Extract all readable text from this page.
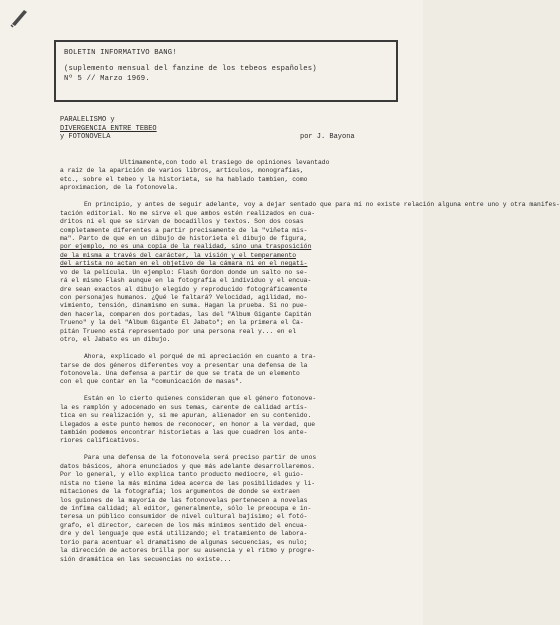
BOLETIN INFORMATIVO BANG!
(suplemento mensual del fanzine de los tebeos españoles)
Nº 5 // Marzo 1969.
PARALELISMO y
DIVERGENCIA ENTRE TEBEO
y FOTONOVELA	por J. Bayona
Ultimamente,con todo el trasiego de opiniones levantado
a raíz de la aparición de varios libros, artículos, monografías,
etc., sobre el tebeo y la historieta, se ha hablado tambien, como
aproximacion, de la fotonovela.
En principio, y antes de seguir adelante, voy a dejar sentado que para mí no existe relación alguna entre uno y otra manifes-
tación editorial. No me sirve el que ambos estén realizados en cua-
dritos ni el que se sirvan de bocadillos y textos. Son dos cosas
completamente diferentes a partir precisamente de la "viñeta mis-
ma". Parto de que en un dibujo de historieta el dibujo de figura,
por ejemplo, no es una copia de la realidad, sino una trasposición
de la misma a través del carácter, la visión y el temperamento
del artista no actan en el objetivo de la cámara ni en el negati-
vo de la película. Un ejemplo: Flash Gordon donde un salto no se-
rá el mismo Flash aunque en la fotografía el individuo y el encua-
dre sean exactos al dibujo elegido y reproducido fotográficamente
con personajes humanos. ¿Qué le faltará? Velocidad, agilidad, mo-
vimiento, tensión, dinamismo en suma. Hagan la prueba. Si no pue-
den hacerla, comparen dos portadas, las del "Album Gigante Capitán
Trueno" y la del "Album Gigante El Jabato"; en la primera el Ca-
pitán Trueno está representado por una persona real y... en el
otro, el Jabato es un dibujo.
Ahora, explicado el porqué de mi apreciación en cuanto a tra-
tarse de dos géneros diferentes voy a presentar una defensa de la
fotonovela. Una defensa a partir de que se trata de un elemento
con el que contar en la "comunicación de masas".
Están en lo cierto quienes consideran que el género fotonove-
la es ramplón y adocenado en sus temas, carente de calidad artís-
tica en su realización y, si me apuran, alienador en su contenido.
Llegados a este punto hemos de reconocer, en honor a la verdad, que
también podemos encontrar historietas a las que cuadren los ante-
riores calificativos.
Para una defensa de la fotonovela será preciso partir de unos
datos básicos, ahora enunciados y que más adelante desarrollaremos.
Por lo general, y ello explica tanto producto mediocre, el guio-
nista no tiene la más mínima idea acerca de las posibilidades y li-
mitaciones de la fotografía; los argumentos de donde se extraen
los guiones de la mayoría de las fotonovelas pertenecen a novelas
de ínfima calidad; al editor, generalmente, sólo le preocupa e in-
teresa un público consumidor de nivel cultural bajísimo; el fotó-
grafo, el director, carecen de los más mínimos sentido del encua-
dre y del lenguaje que está utilizando; el tratamiento de labora-
torio para acentuar el dramatismo de algunas secuencias, es nulo;
la dirección de actores brilla por su ausencia y el ritmo y progre-
sión dramática en las secuencias no existe...
